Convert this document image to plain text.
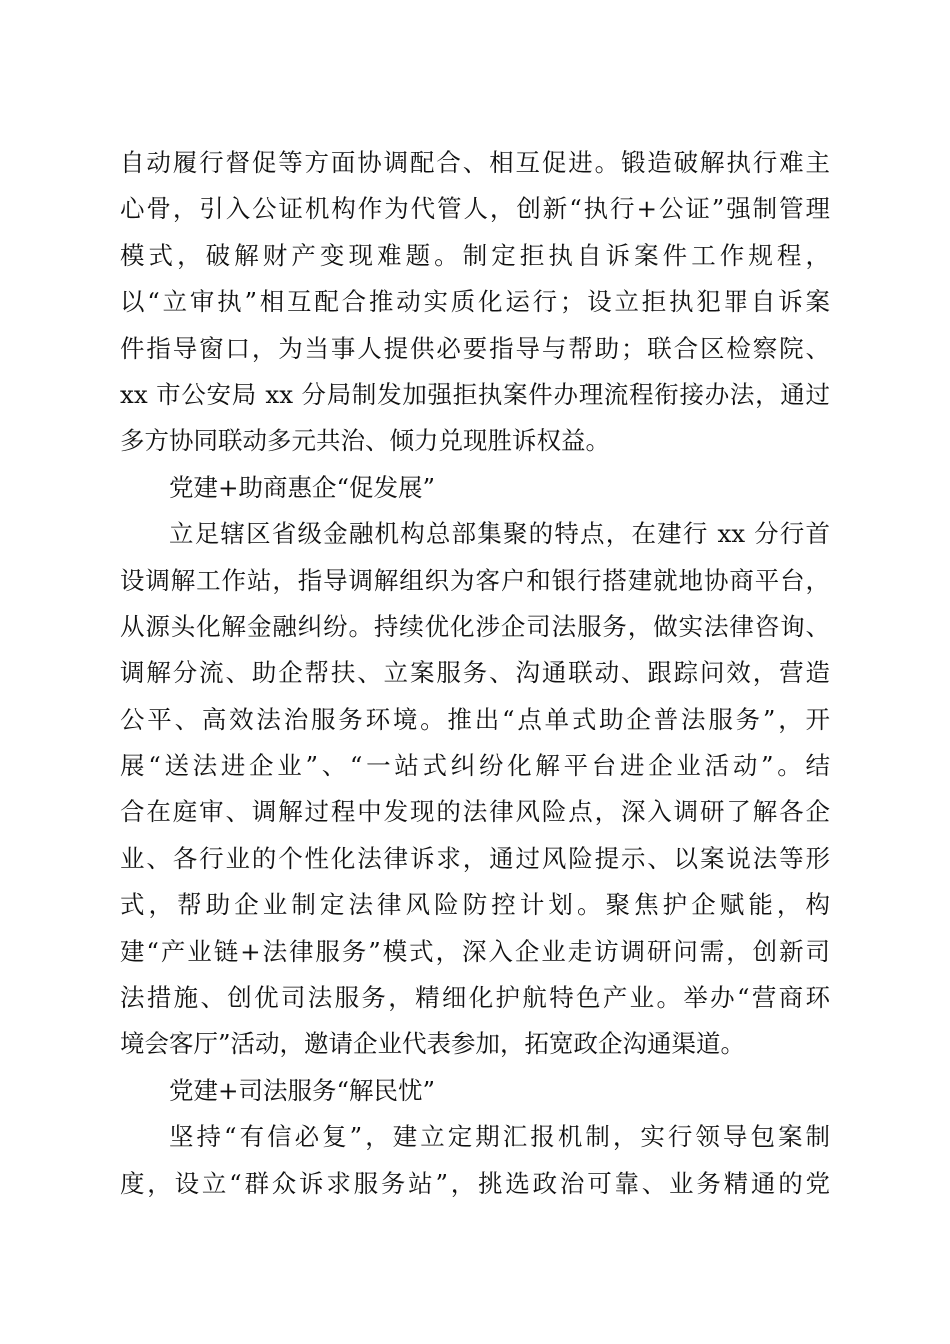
自动履行督促等方面协调配合、相互促进。锻造破解执行难主
心骨，引入公证机构作为代管人，创新“执行+公证”强制管理
模式，破解财产变现难题。制定拒执自诉案件工作规程，
以“立审执”相互配合推动实质化运行；设立拒执犯罪自诉案
件指导窗口，为当事人提供必要指导与帮助；联合区检察院、
xx 市公安局 xx 分局制发加强拒执案件办理流程衔接办法，通过
多方协同联动多元共治、倾力兑现胜诉权益。
党建+助商惠企“促发展”
立足辖区省级金融机构总部集聚的特点，在建行 xx 分行首
设调解工作站，指导调解组织为客户和银行搭建就地协商平台，
从源头化解金融纠纷。持续优化涉企司法服务，做实法律咨询、
调解分流、助企帮扶、立案服务、沟通联动、跟踪问效，营造
公平、高效法治服务环境。推出“点单式助企普法服务”，开
展“送法进企业”、“一站式纠纷化解平台进企业活动”。结
合在庭审、调解过程中发现的法律风险点，深入调研了解各企
业、各行业的个性化法律诉求，通过风险提示、以案说法等形
式，帮助企业制定法律风险防控计划。聚焦护企赋能，构
建“产业链+法律服务”模式，深入企业走访调研问需，创新司
法措施、创优司法服务，精细化护航特色产业。举办“营商环
境会客厅”活动，邀请企业代表参加，拓宽政企沟通渠道。
党建+司法服务“解民忧”
坚持“有信必复”，建立定期汇报机制，实行领导包案制
度，设立“群众诉求服务站”，挑选政治可靠、业务精通的党
